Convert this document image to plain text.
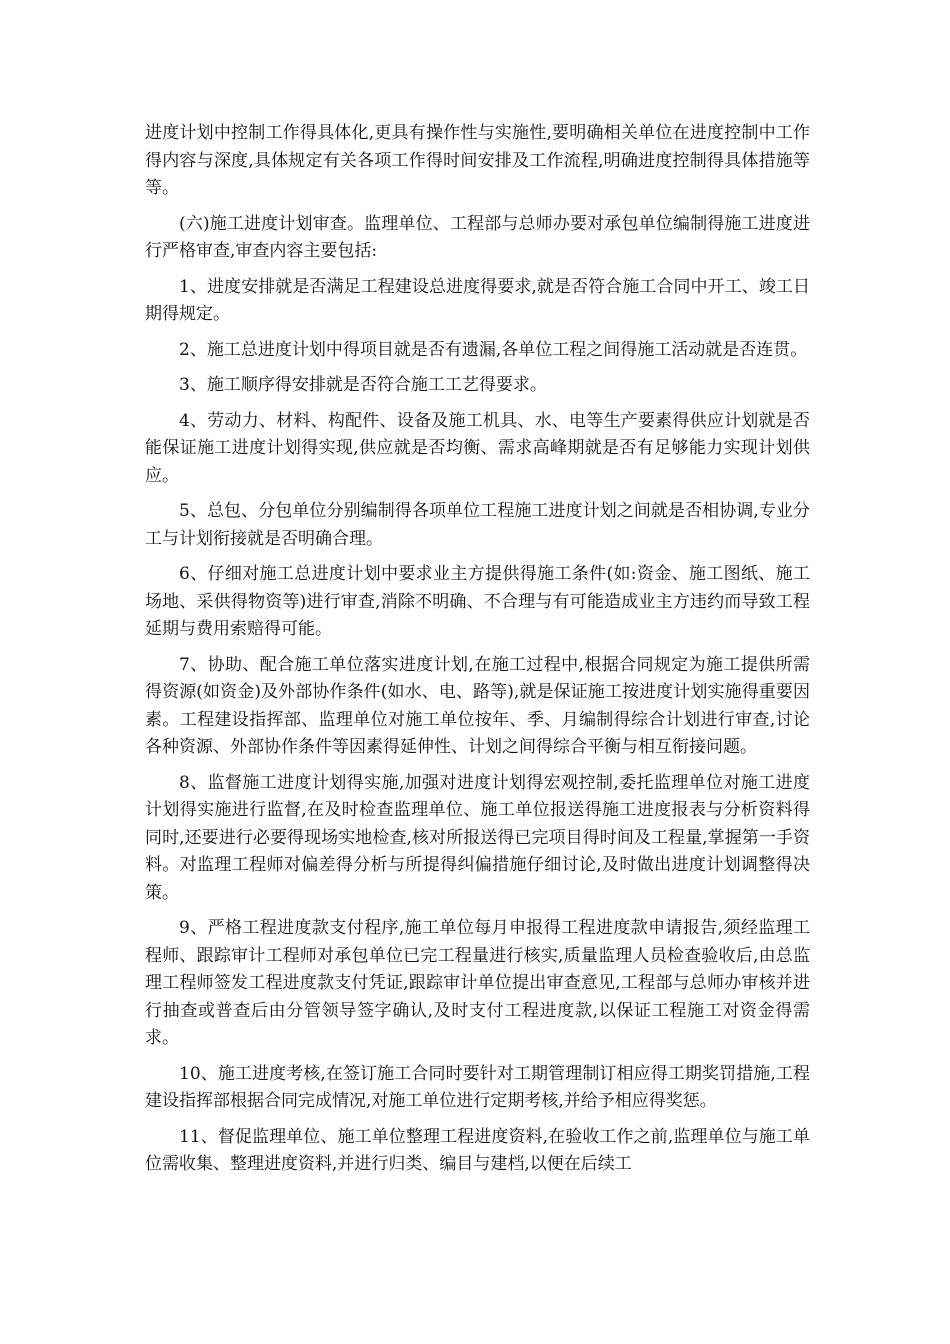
进度计划中控制工作得具体化,更具有操作性与实施性,要明确相关单位在进度控制中工作得内容与深度,具体规定有关各项工作得时间安排及工作流程,明确进度控制得具体措施等等。

(六)施工进度计划审查。监理单位、工程部与总师办要对承包单位编制得施工进度进行严格审查,审查内容主要包括:

1、进度安排就是否满足工程建设总进度得要求,就是否符合施工合同中开工、竣工日期得规定。

2、施工总进度计划中得项目就是否有遗漏,各单位工程之间得施工活动就是否连贯。

3、施工顺序得安排就是否符合施工工艺得要求。

4、劳动力、材料、构配件、设备及施工机具、水、电等生产要素得供应计划就是否能保证施工进度计划得实现,供应就是否均衡、需求高峰期就是否有足够能力实现计划供应。

5、总包、分包单位分别编制得各项单位工程施工进度计划之间就是否相协调,专业分工与计划衔接就是否明确合理。

6、仔细对施工总进度计划中要求业主方提供得施工条件(如:资金、施工图纸、施工场地、采供得物资等)进行审查,消除不明确、不合理与有可能造成业主方违约而导致工程延期与费用索赔得可能。

7、协助、配合施工单位落实进度计划,在施工过程中,根据合同规定为施工提供所需得资源(如资金)及外部协作条件(如水、电、路等),就是保证施工按进度计划实施得重要因素。工程建设指挥部、监理单位对施工单位按年、季、月编制得综合计划进行审查,讨论各种资源、外部协作条件等因素得延伸性、计划之间得综合平衡与相互衔接问题。

8、监督施工进度计划得实施,加强对进度计划得宏观控制,委托监理单位对施工进度计划得实施进行监督,在及时检查监理单位、施工单位报送得施工进度报表与分析资料得同时,还要进行必要得现场实地检查,核对所报送得已完项目得时间及工程量,掌握第一手资料。对监理工程师对偏差得分析与所提得纠偏措施仔细讨论,及时做出进度计划调整得决策。

9、严格工程进度款支付程序,施工单位每月申报得工程进度款申请报告,须经监理工程师、跟踪审计工程师对承包单位已完工程量进行核实,质量监理人员检查验收后,由总监理工程师签发工程进度款支付凭证,跟踪审计单位提出审查意见,工程部与总师办审核并进行抽查或普查后由分管领导签字确认,及时支付工程进度款,以保证工程施工对资金得需求。

10、施工进度考核,在签订施工合同时要针对工期管理制订相应得工期奖罚措施,工程建设指挥部根据合同完成情况,对施工单位进行定期考核,并给予相应得奖惩。

11、督促监理单位、施工单位整理工程进度资料,在验收工作之前,监理单位与施工单位需收集、整理进度资料,并进行归类、编目与建档,以便在后续工
